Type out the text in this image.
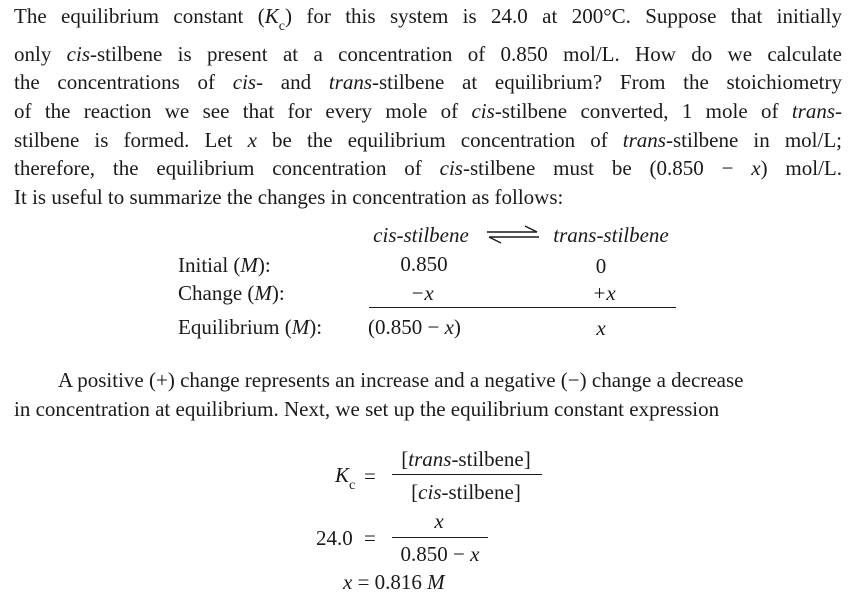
The equilibrium constant $(K_c)$ for this system is 24.0 at 200°C. Suppose that initially
only cis-stilbene is present at a concentration of 0.850 mol/L. How do we calculate
the concentrations of cis- and trans-stilbene at equilibrium? From the stoichiometry
of the reaction we see that for every mole of cis-stilbene converted, 1 mole of trans-
stilbene is formed. Let x be the equilibrium concentration of trans-stilbene in mol/L;
therefore, the equilibrium concentration of cis-stilbene must be (0.850 − x) mol/L.
It is useful to summarize the changes in concentration as follows:
cis-stilbene ⇌ trans-stilbene
Initial (M):	0.850	0
Change (M):	−x	+x
Equilibrium (M): (0.850 − x)	x
A positive (+) change represents an increase and a negative (−) change a decrease
in concentration at equilibrium. Next, we set up the equilibrium constant expression
$K_c$ =
[trans-stilbene]
[cis-stilbene]
24.0 =
x
0.850 − x
x = 0.816 M
